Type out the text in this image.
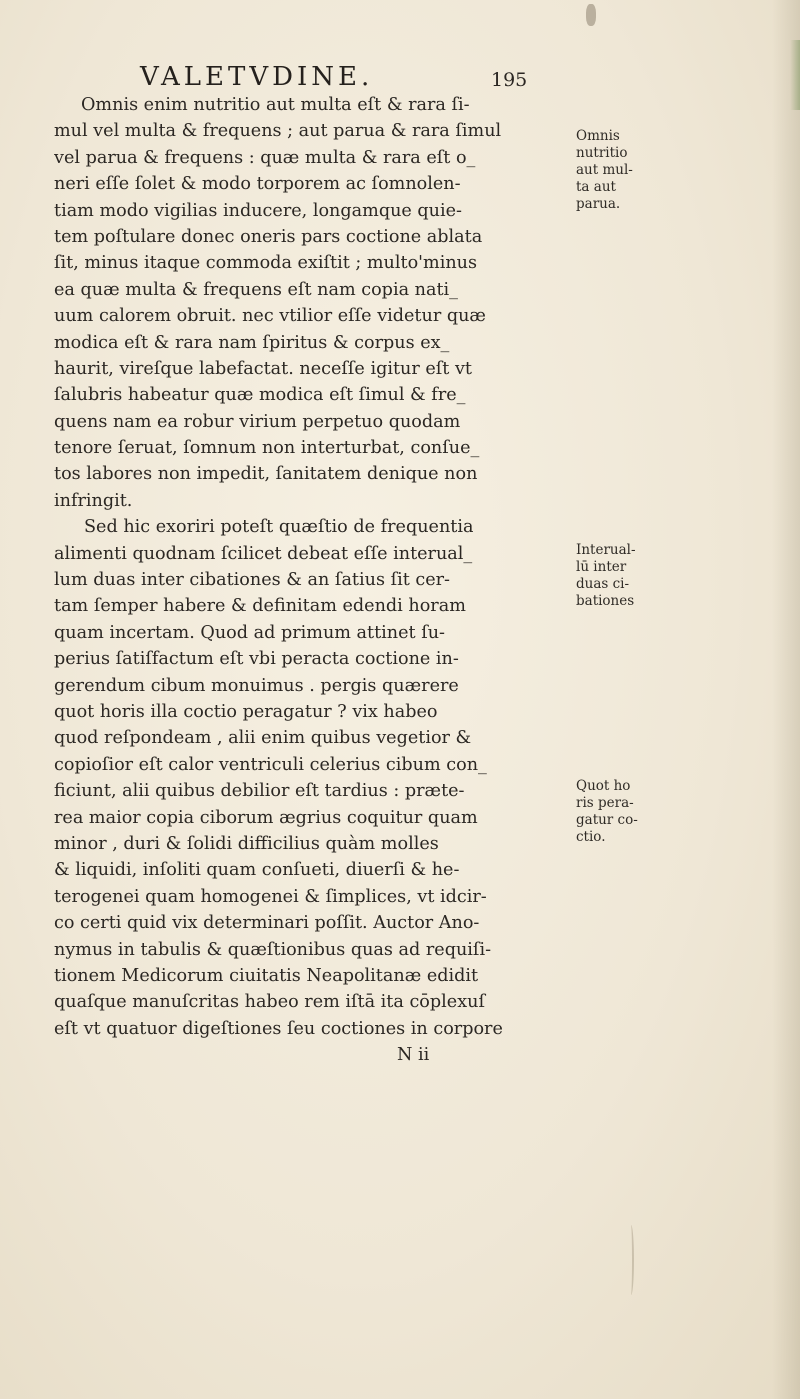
VALETVDINE.	195
Omnis enim nutritio aut multa eſt & rara ſi-
mul vel multa & frequens ; aut parua & rara ſimul
vel parua & frequens : quæ multa & rara eſt o_
neri eſſe ſolet & modo torporem ac ſomnolen-
tiam modo vigilias inducere, longamque quie-
tem poſtulare donec oneris pars coctione ablata
ſit, minus itaque commoda exiſtit ; multo'minus
ea quæ multa & frequens eſt nam copia nati_
uum calorem obruit. nec vtilior eſſe videtur quæ
modica eſt & rara nam ſpiritus & corpus ex_
haurit, vireſque labefactat. neceſſe igitur eſt vt
ſalubris habeatur quæ modica eſt ſimul & fre_
quens nam ea robur virium perpetuo quodam
tenore ſeruat, ſomnum non interturbat, conſue_
tos labores non impedit, ſanitatem denique non
infringit.
Sed hic exoriri poteſt quæſtio de frequentia
alimenti quodnam ſcilicet debeat eſſe interual_
lum duas inter cibationes & an ſatius ſit cer-
tam ſemper habere & definitam edendi horam
quam incertam. Quod ad primum attinet ſu-
perius ſatiſfactum eſt vbi peracta coctione in-
gerendum cibum monuimus . pergis quærere
quot horis illa coctio peragatur ? vix habeo
quod reſpondeam , alii enim quibus vegetior &
copioſior eſt calor ventriculi celerius cibum con_
ficiunt, alii quibus debilior eſt tardius : præte-
rea maior copia ciborum ægrius coquitur quam
minor , duri & ſolidi difficilius quàm molles
& liquidi, inſoliti quam conſueti, diuerſi & he-
terogenei quam homogenei & ſimplices, vt idcir-
co certi quid vix determinari poſſit. Auctor Ano-
nymus in tabulis & quæſtionibus quas ad requiſi-
tionem Medicorum ciuitatis Neapolitanæ edidit
quaſque manuſcritas habeo rem iſtā ita cōplexuſ
eſt vt quatuor digeſtiones ſeu coctiones in corpore
N ii
Omnis
nutritio
aut mul-
ta aut
parua.
Interual-
lū inter
duas ci-
bationes
Quot ho
ris pera-
gatur co-
ctio.
